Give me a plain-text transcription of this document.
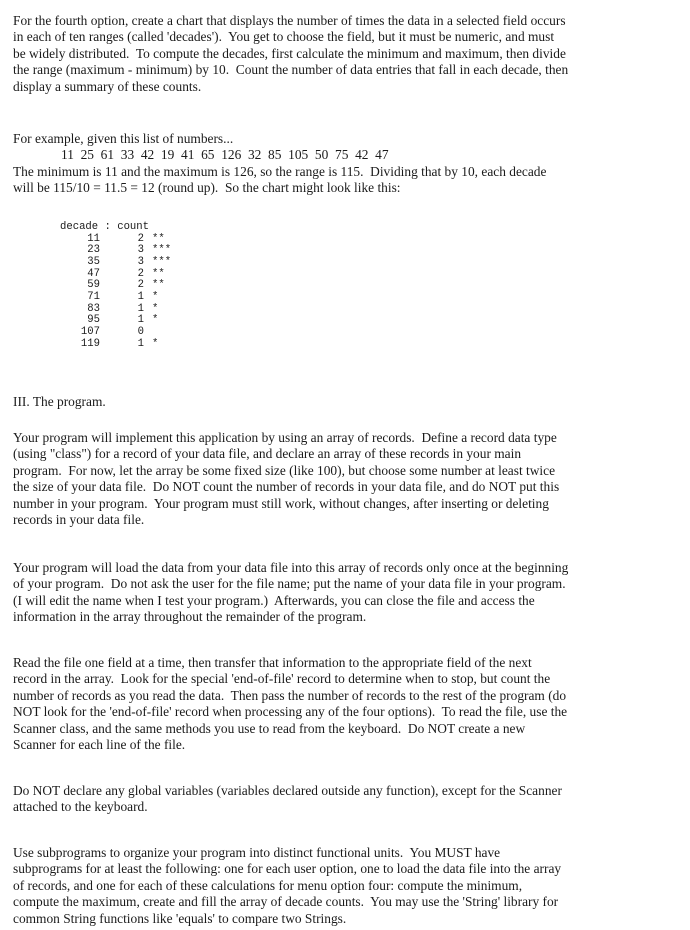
For the fourth option, create a chart that displays the number of times the data in a selected field occurs
in each of ten ranges (called 'decades').  You get to choose the field, but it must be numeric, and must
be widely distributed.  To compute the decades, first calculate the minimum and maximum, then divide
the range (maximum - minimum) by 10.  Count the number of data entries that fall in each decade, then
display a summary of these counts.
For example, given this list of numbers...
11  25  61  33  42  19  41  65  126  32  85  105  50  75  42  47
The minimum is 11 and the maximum is 126, so the range is 115.  Dividing that by 10, each decade
will be 115/10 = 11.5 = 12 (round up).  So the chart might look like this:
III. The program.
Your program will implement this application by using an array of records.  Define a record data type
(using "class") for a record of your data file, and declare an array of these records in your main
program.  For now, let the array be some fixed size (like 100), but choose some number at least twice
the size of your data file.  Do NOT count the number of records in your data file, and do NOT put this
number in your program.  Your program must still work, without changes, after inserting or deleting
records in your data file.
Your program will load the data from your data file into this array of records only once at the beginning
of your program.  Do not ask the user for the file name; put the name of your data file in your program.
(I will edit the name when I test your program.)  Afterwards, you can close the file and access the
information in the array throughout the remainder of the program.
Read the file one field at a time, then transfer that information to the appropriate field of the next
record in the array.  Look for the special 'end-of-file' record to determine when to stop, but count the
number of records as you read the data.  Then pass the number of records to the rest of the program (do
NOT look for the 'end-of-file' record when processing any of the four options).  To read the file, use the
Scanner class, and the same methods you use to read from the keyboard.  Do NOT create a new
Scanner for each line of the file.
Do NOT declare any global variables (variables declared outside any function), except for the Scanner
attached to the keyboard.
Use subprograms to organize your program into distinct functional units.  You MUST have
subprograms for at least the following: one for each user option, one to load the data file into the array
of records, and one for each of these calculations for menu option four: compute the minimum,
compute the maximum, create and fill the array of decade counts.  You may use the 'String' library for
common String functions like 'equals' to compare two Strings.
decade : count
11	2 **
23	3 ***
35	3 ***
47	2 **
59	2 **
71	1 *
83	1 *
95	1 *
107	0
119	1 *
